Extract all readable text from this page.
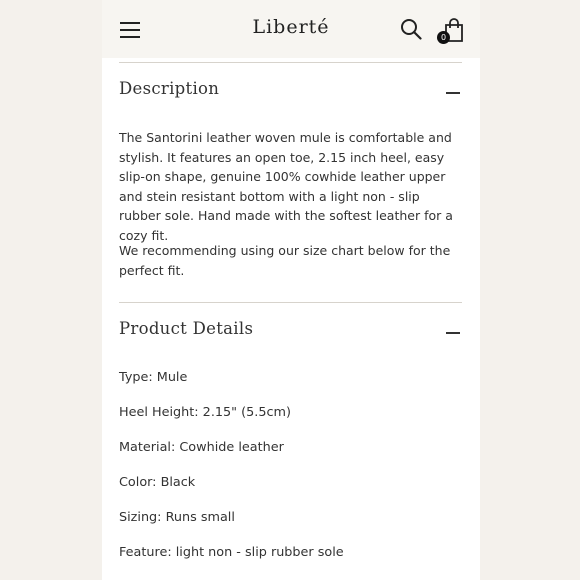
Liberté	0
Description

The Santorini leather woven mule is comfortable and stylish. It features an open toe, 2.15 inch heel, easy slip-on shape, genuine 100% cowhide leather upper and stein resistant bottom with a light non - slip rubber sole. Hand made with the softest leather for a cozy fit.

We recommending using our size chart below for the perfect fit.

Product Details
Type: Mule
Heel Height: 2.15" (5.5cm)
Material: Cowhide leather
Color: Black
Sizing: Runs small
Feature: light non - slip rubber sole
